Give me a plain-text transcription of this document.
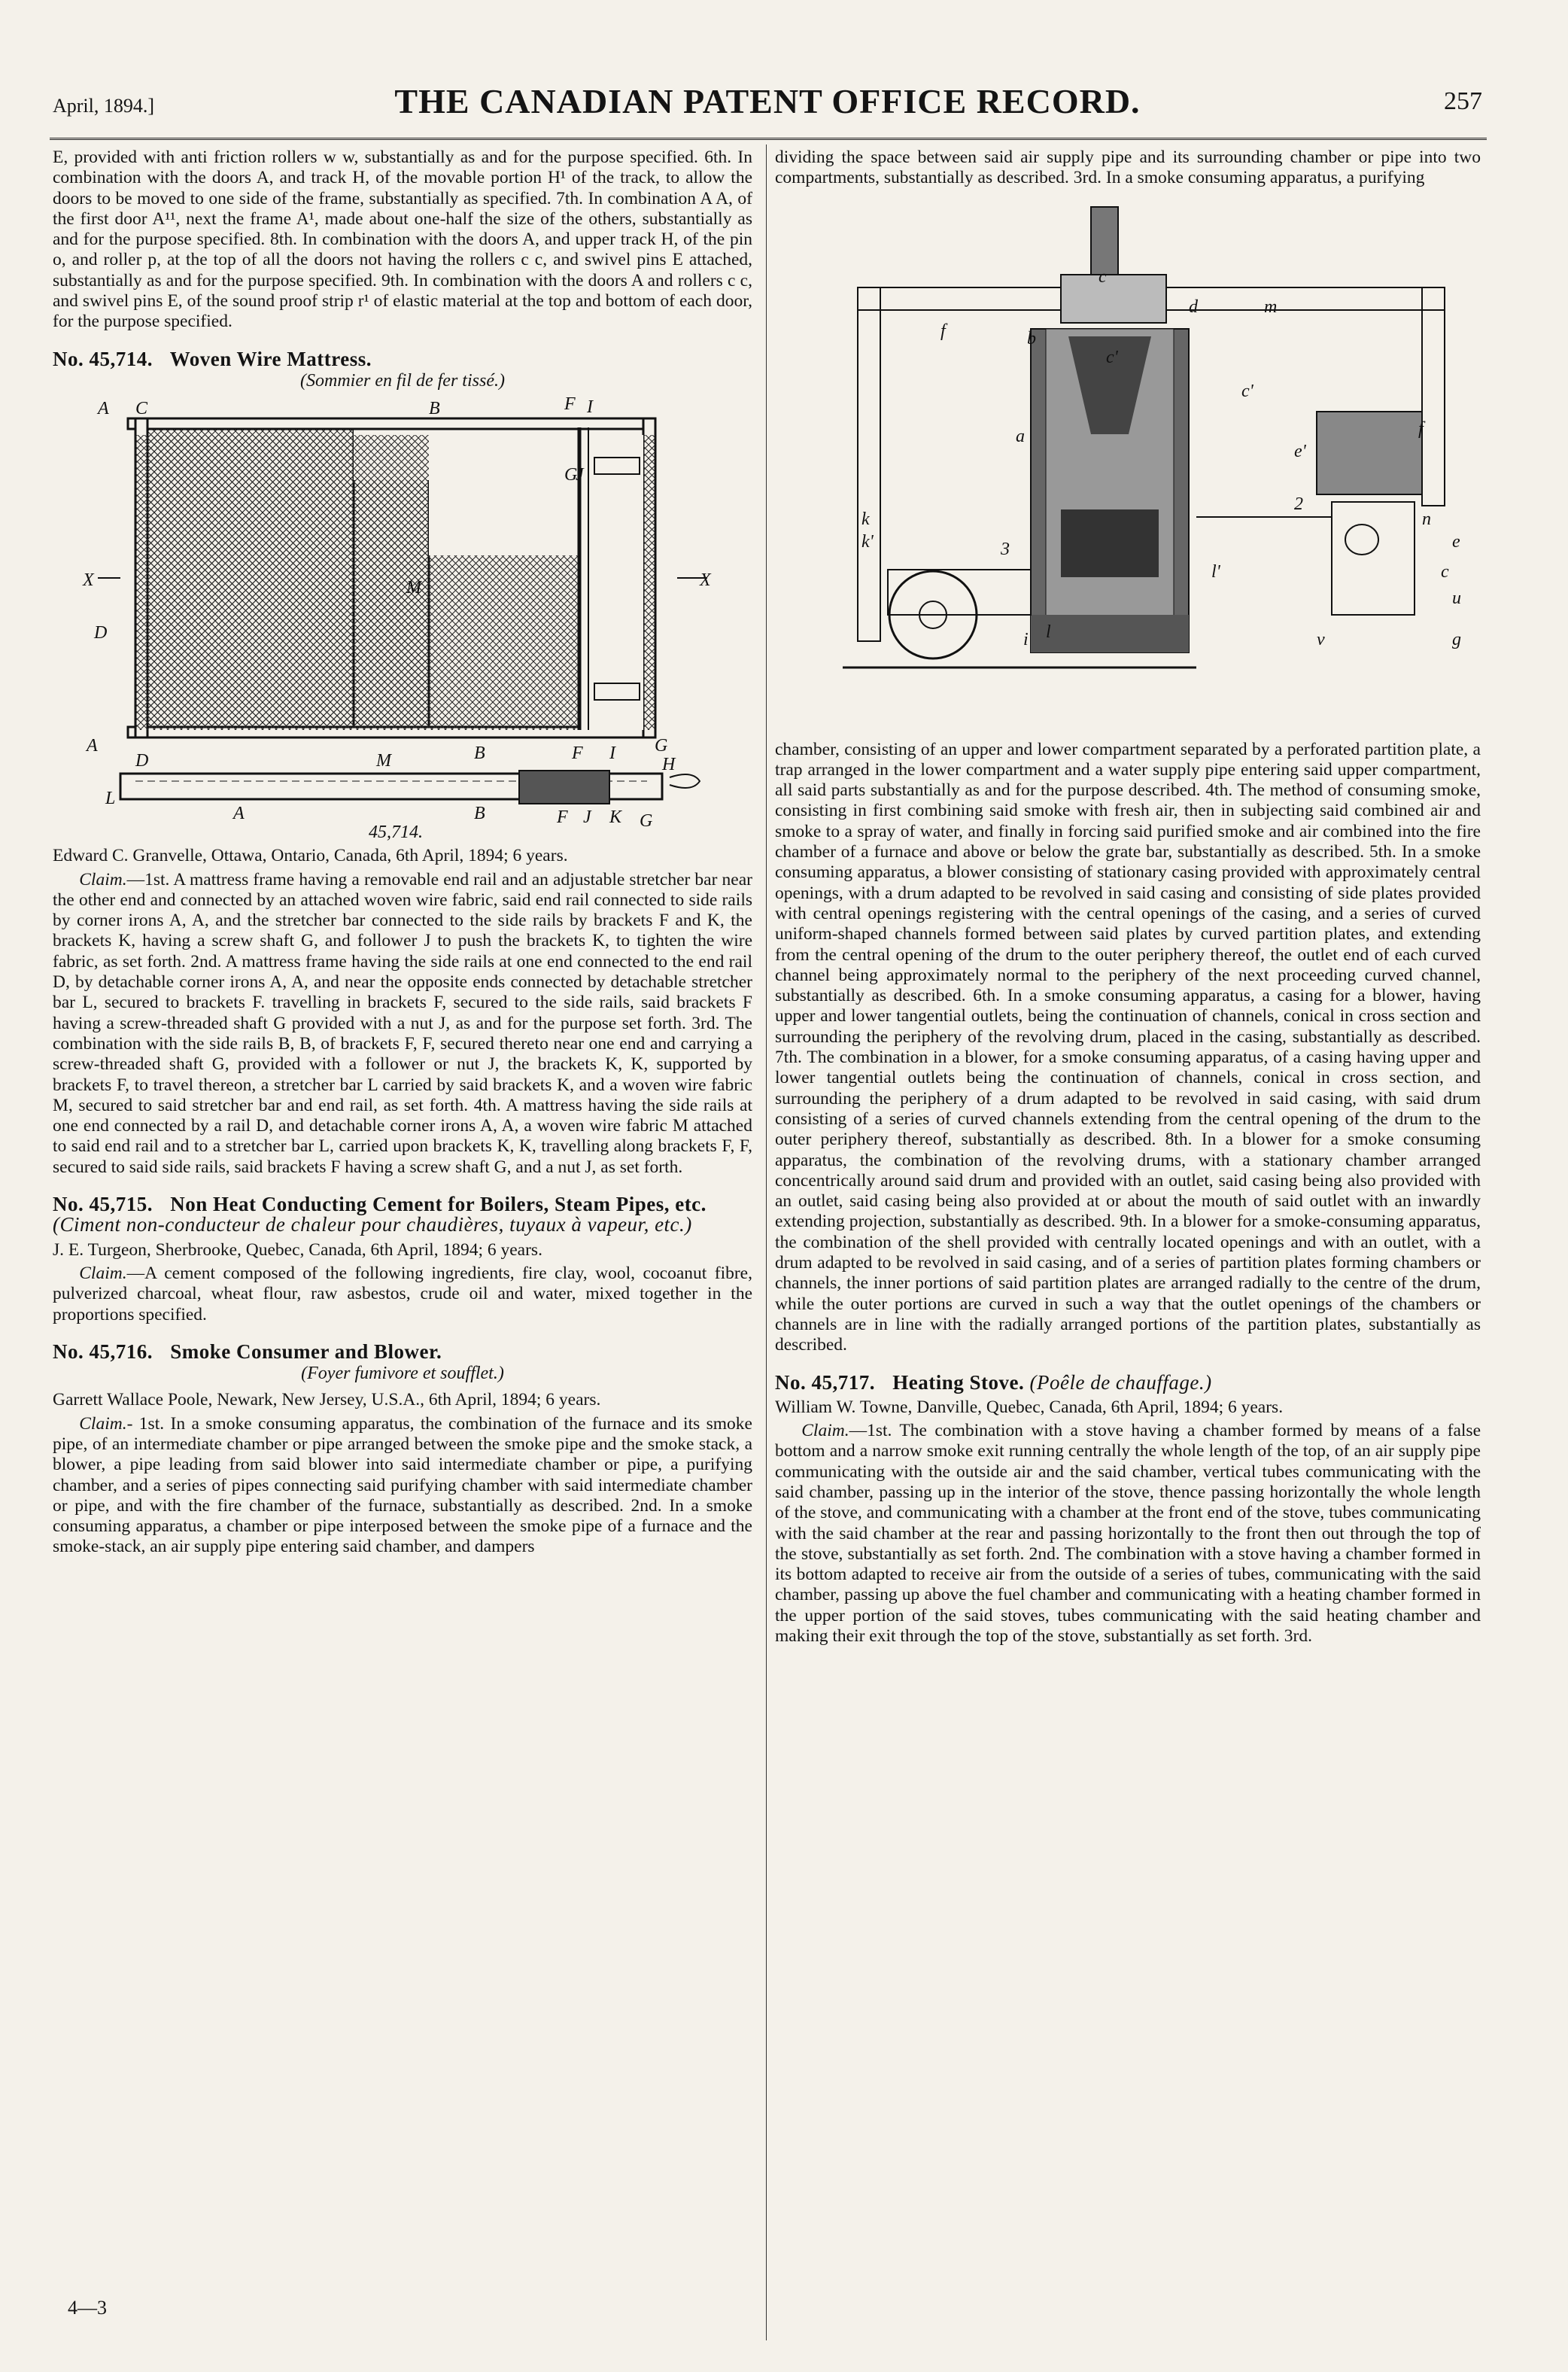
April, 1894.]	THE CANADIAN PATENT OFFICE RECORD.	257

E, provided with anti friction rollers w w, substantially as and for the purpose specified. 6th. In combination with the doors A, and track H, of the movable portion H¹ of the track, to allow the doors to be moved to one side of the frame, substantially as specified. 7th. In combination A A, of the first door A¹¹, next the frame A¹, made about one-half the size of the others, substantially as and for the purpose specified. 8th. In combination with the doors A, and upper track H, of the pin o, and roller p, at the top of all the doors not having the rollers c c, and swivel pins E attached, substantially as and for the purpose specified. 9th. In combination with the doors A and rollers c c, and swivel pins E, of the sound proof strip r¹ of elastic material at the top and bottom of each door, for the purpose specified.

No. 45,714. Woven Wire Mattress.
(Sommier en fil de fer tissé.)
A C	B	F I
G
J
X	X
D
M
G
A
D	M	B	F I
H
L
A	B	F J K G
45,714.

Edward C. Granvelle, Ottawa, Ontario, Canada, 6th April, 1894; 6 years.

Claim.—1st. A mattress frame having a removable end rail and an adjustable stretcher bar near the other end and connected by an attached woven wire fabric, said end rail connected to side rails by corner irons A, A, and the stretcher bar connected to the side rails by brackets F and K, the brackets K, having a screw shaft G, and follower J to push the brackets K, to tighten the wire fabric, as set forth. 2nd. A mattress frame having the side rails at one end connected to the end rail D, by detachable corner irons A, A, and near the opposite ends connected by detachable stretcher bar L, secured to brackets F. travelling in brackets F, secured to the side rails, said brackets F having a screw-threaded shaft G provided with a nut J, as and for the purpose set forth. 3rd. The combination with the side rails B, B, of brackets F, F, secured thereto near one end and carrying a screw-threaded shaft G, provided with a follower or nut J, the brackets K, K, supported by brackets F, to travel thereon, a stretcher bar L carried by said brackets K, and a woven wire fabric M, secured to said stretcher bar and end rail, as set forth. 4th. A mattress having the side rails at one end connected by a rail D, and detachable corner irons A, A, a woven wire fabric M attached to said end rail and to a stretcher bar L, carried upon brackets K, K, travelling along brackets F, F, secured to said side rails, said brackets F having a screw shaft G, and a nut J, as set forth.

No. 45,715. Non Heat Conducting Cement for Boilers, Steam Pipes, etc. (Ciment non-conducteur de chaleur pour chaudières, tuyaux à vapeur, etc.)

J. E. Turgeon, Sherbrooke, Quebec, Canada, 6th April, 1894; 6 years.

Claim.—A cement composed of the following ingredients, fire clay, wool, cocoanut fibre, pulverized charcoal, wheat flour, raw asbestos, crude oil and water, mixed together in the proportions specified.

No. 45,716. Smoke Consumer and Blower.
(Foyer fumivore et soufflet.)

Garrett Wallace Poole, Newark, New Jersey, U.S.A., 6th April, 1894; 6 years.

Claim.- 1st. In a smoke consuming apparatus, the combination of the furnace and its smoke pipe, of an intermediate chamber or pipe arranged between the smoke pipe and the smoke stack, a blower, a pipe leading from said blower into said intermediate chamber or pipe, a purifying chamber, and a series of pipes connecting said purifying chamber with said intermediate chamber or pipe, and with the fire chamber of the furnace, substantially as described. 2nd. In a smoke consuming apparatus, a chamber or pipe interposed between the smoke pipe of a furnace and the smoke-stack, an air supply pipe entering said chamber, and dampers

4—3

dividing the space between said air supply pipe and its surrounding chamber or pipe into two compartments, substantially as described. 3rd. In a smoke consuming apparatus, a purifying

c
d	m
b
f
c'
c'
a
k
k'	3
i l
l'
e'
2
f
n
e
c
u
g
v

chamber, consisting of an upper and lower compartment separated by a perforated partition plate, a trap arranged in the lower compartment and a water supply pipe entering said upper compartment, all said parts substantially as and for the purpose described. 4th. The method of consuming smoke, consisting in first combining said smoke with fresh air, then in subjecting said combined air and smoke to a spray of water, and finally in forcing said purified smoke and air combined into the fire chamber of a furnace and above or below the grate bar, substantially as described. 5th. In a smoke consuming apparatus, a blower consisting of stationary casing provided with approximately central openings, with a drum adapted to be revolved in said casing and consisting of side plates provided with central openings registering with the central openings of the casing, and a series of curved uniform-shaped channels formed between said plates by curved partition plates, and extending from the central opening of the drum to the outer periphery thereof, the outlet end of each curved channel being approximately normal to the periphery of the next proceeding curved channel, substantially as described. 6th. In a smoke consuming apparatus, a casing for a blower, having upper and lower tangential outlets, being the continuation of channels, conical in cross section and surrounding the periphery of the revolving drum, placed in the casing, substantially as described. 7th. The combination in a blower, for a smoke consuming apparatus, of a casing having upper and lower tangential outlets being the continuation of channels, conical in cross section, and surrounding the periphery of a drum adapted to be revolved in said casing, with said drum consisting of a series of curved channels extending from the central opening of the drum to the outer periphery thereof, substantially as described. 8th. In a blower for a smoke consuming apparatus, the combination of the revolving drums, with a stationary chamber arranged concentrically around said drum and provided with an outlet, said casing being also provided with an outlet, said casing being also provided at or about the mouth of said outlet with an inwardly extending projection, substantially as described. 9th. In a blower for a smoke-consuming apparatus, the combination of the shell provided with centrally located openings and with an outlet, with a drum adapted to be revolved in said casing, and of a series of partition plates forming chambers or channels, the inner portions of said partition plates are arranged radially to the centre of the drum, while the outer portions are curved in such a way that the outlet openings of the chambers or channels are in line with the radially arranged portions of the partition plates, substantially as described.

No. 45,717. Heating Stove. (Poêle de chauffage.)

William W. Towne, Danville, Quebec, Canada, 6th April, 1894; 6 years.

Claim.—1st. The combination with a stove having a chamber formed by means of a false bottom and a narrow smoke exit running centrally the whole length of the top, of an air supply pipe communicating with the outside air and the said chamber, vertical tubes communicating with the said chamber, passing up in the interior of the stove, thence passing horizontally the whole length of the stove, and communicating with a chamber at the front end of the stove, tubes communicating with the said chamber at the rear and passing horizontally to the front then out through the top of the stove, substantially as set forth. 2nd. The combination with a stove having a chamber formed in its bottom adapted to receive air from the outside of a series of tubes, communicating with the said chamber, passing up above the fuel chamber and communicating with a heating chamber formed in the upper portion of the said stoves, tubes communicating with the said heating chamber and making their exit through the top of the stove, substantially as set forth. 3rd.
